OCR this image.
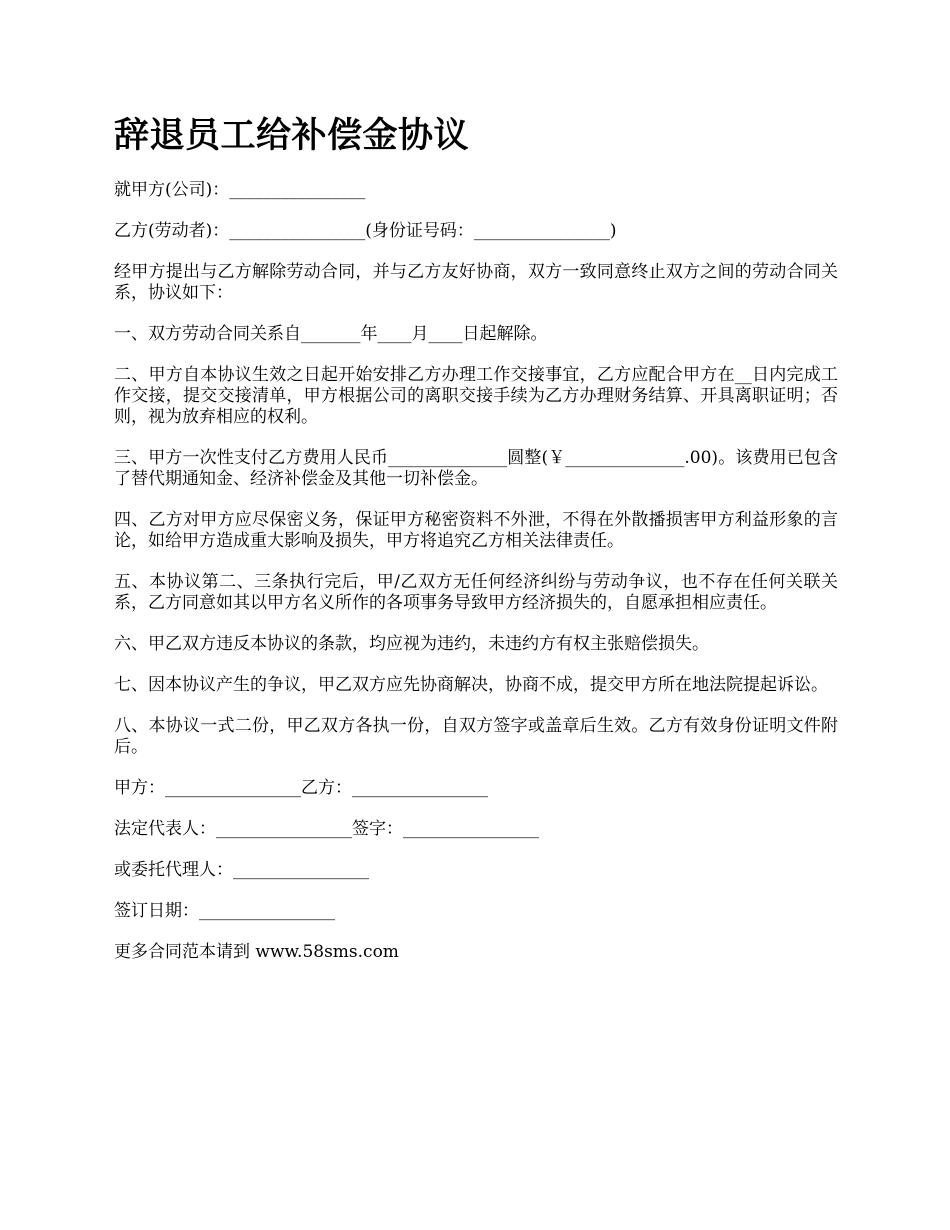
辞退员工给补偿金协议

就甲方(公司)：________________

乙方(劳动者)：________________(身份证号码：________________)

经甲方提出与乙方解除劳动合同，并与乙方友好协商，双方一致同意终止双方之间的劳动合同关系，协议如下：

一、双方劳动合同关系自_______年____月____日起解除。

二、甲方自本协议生效之日起开始安排乙方办理工作交接事宜，乙方应配合甲方在__日内完成工作交接，提交交接清单，甲方根据公司的离职交接手续为乙方办理财务结算、开具离职证明；否则，视为放弃相应的权利。

三、甲方一次性支付乙方费用人民币______________圆整(￥______________.00)。该费用已包含了替代期通知金、经济补偿金及其他一切补偿金。

四、乙方对甲方应尽保密义务，保证甲方秘密资料不外泄，不得在外散播损害甲方利益形象的言论，如给甲方造成重大影响及损失，甲方将追究乙方相关法律责任。

五、本协议第二、三条执行完后，甲/乙双方无任何经济纠纷与劳动争议，也不存在任何关联关系，乙方同意如其以甲方名义所作的各项事务导致甲方经济损失的，自愿承担相应责任。

六、甲乙双方违反本协议的条款，均应视为违约，未违约方有权主张赔偿损失。

七、因本协议产生的争议，甲乙双方应先协商解决，协商不成，提交甲方所在地法院提起诉讼。

八、本协议一式二份，甲乙双方各执一份，自双方签字或盖章后生效。乙方有效身份证明文件附后。

甲方：________________乙方：________________

法定代表人：________________签字：________________

或委托代理人：________________

签订日期：________________

更多合同范本请到 www.58sms.com
